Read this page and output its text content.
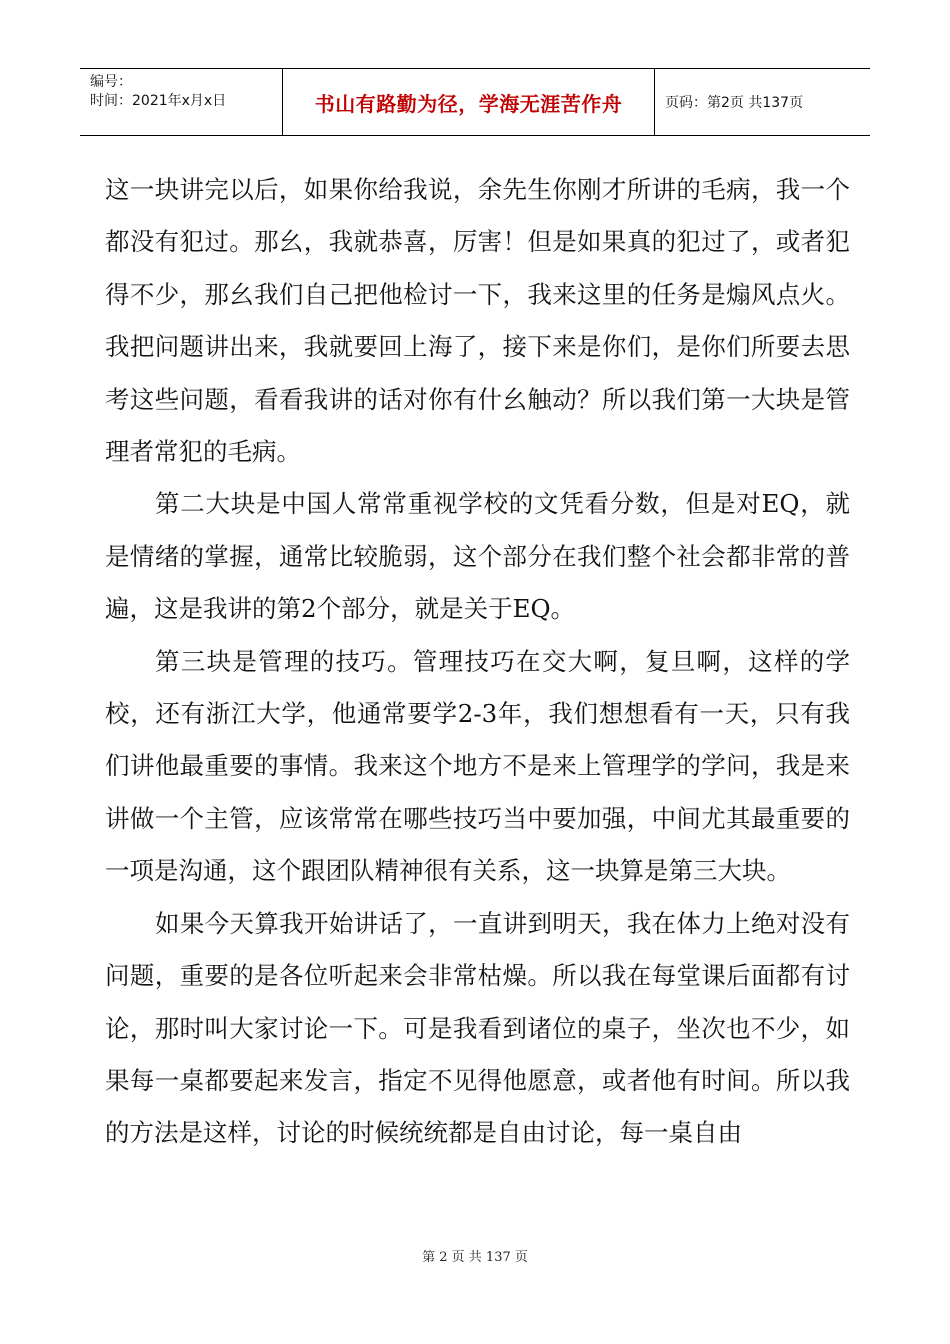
编号：
时间：2021年x月x日	书山有路勤为径，学海无涯苦作舟	页码：第2页 共137页

这一块讲完以后，如果你给我说，余先生你刚才所讲的毛病，我一个都没有犯过。那幺，我就恭喜，厉害！但是如果真的犯过了，或者犯得不少，那幺我们自己把他检讨一下，我来这里的任务是煽风点火。我把问题讲出来，我就要回上海了，接下来是你们，是你们所要去思考这些问题，看看我讲的话对你有什幺触动？所以我们第一大块是管理者常犯的毛病。

第二大块是中国人常常重视学校的文凭看分数，但是对EQ，就是情绪的掌握，通常比较脆弱，这个部分在我们整个社会都非常的普遍，这是我讲的第2个部分，就是关于EQ。

第三块是管理的技巧。管理技巧在交大啊，复旦啊，这样的学校，还有浙江大学，他通常要学2-3年，我们想想看有一天，只有我们讲他最重要的事情。我来这个地方不是来上管理学的学问，我是来讲做一个主管，应该常常在哪些技巧当中要加强，中间尤其最重要的一项是沟通，这个跟团队精神很有关系，这一块算是第三大块。

如果今天算我开始讲话了，一直讲到明天，我在体力上绝对没有问题，重要的是各位听起来会非常枯燥。所以我在每堂课后面都有讨论，那时叫大家讨论一下。可是我看到诸位的桌子，坐次也不少，如果每一桌都要起来发言，指定不见得他愿意，或者他有时间。所以我的方法是这样，讨论的时候统统都是自由讨论，每一桌自由

第 2 页 共 137 页
